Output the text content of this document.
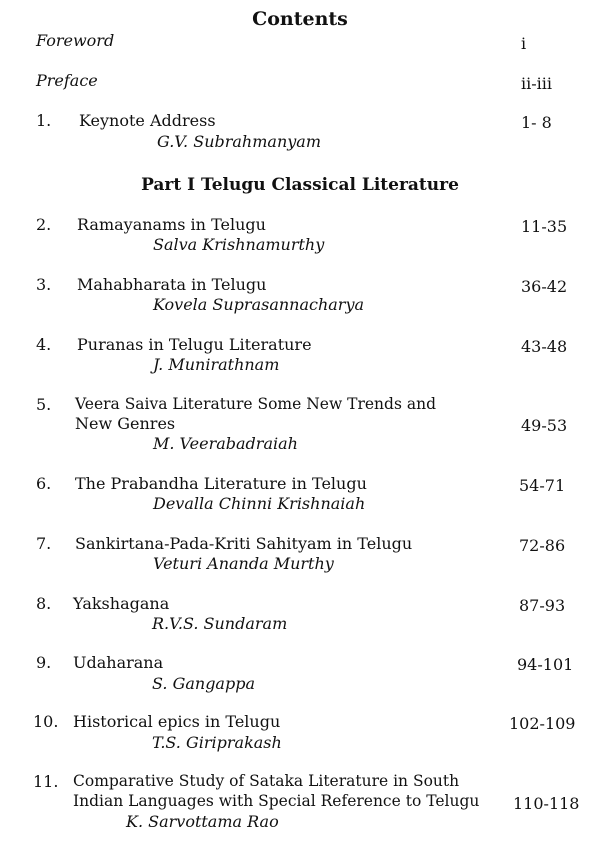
Contents
Foreword	i
Preface	ii-iii
1. Keynote Address
G.V. Subrahmanyam
1- 8
Part I Telugu Classical Literature
2. Ramayanams in Telugu
Salva Krishnamurthy
11-35
3. Mahabharata in Telugu
Kovela Suprasannacharya
36-42
4. Puranas in Telugu Literature
J. Munirathnam
43-48
5. Veera Saiva Literature Some New Trends and
New Genres
M. Veerabadraiah
49-53
6. The Prabandha Literature in Telugu
Devalla Chinni Krishnaiah
54-71
7. Sankirtana-Pada-Kriti Sahityam in Telugu
Veturi Ananda Murthy
72-86
8. Yakshagana
R.V.S. Sundaram
87-93
9. Udaharana
S. Gangappa
94-101
10. Historical epics in Telugu
T.S. Giriprakash
102-109
11. Comparative Study of Sataka Literature in South
Indian Languages with Special Reference to Telugu
K. Sarvottama Rao
110-118
